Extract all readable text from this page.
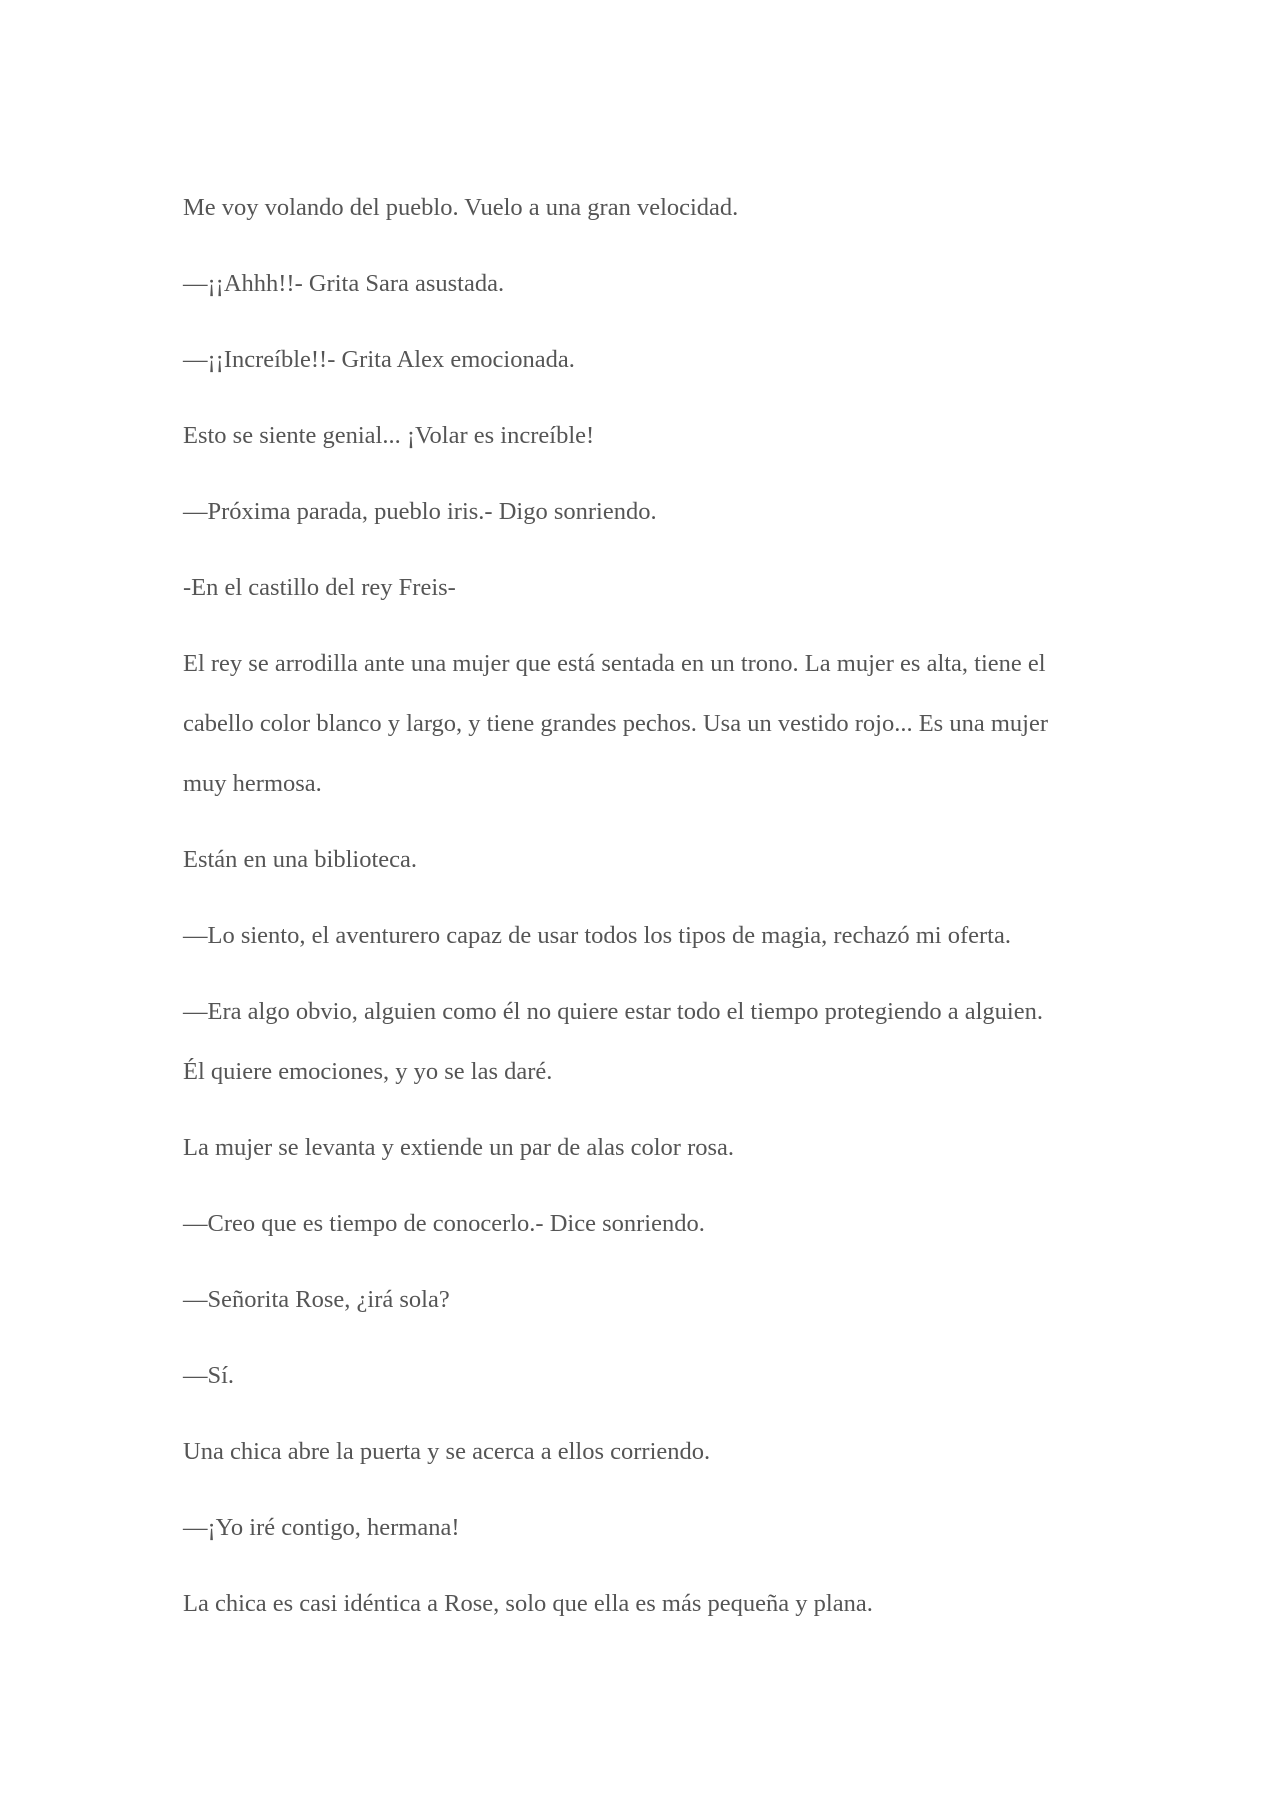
Me voy volando del pueblo. Vuelo a una gran velocidad.

—¡¡Ahhh!!- Grita Sara asustada.

—¡¡Increíble!!- Grita Alex emocionada.

Esto se siente genial... ¡Volar es increíble!

—Próxima parada, pueblo iris.- Digo sonriendo.

-En el castillo del rey Freis-

El rey se arrodilla ante una mujer que está sentada en un trono. La mujer es alta, tiene el
cabello color blanco y largo, y tiene grandes pechos. Usa un vestido rojo... Es una mujer
muy hermosa.

Están en una biblioteca.

—Lo siento, el aventurero capaz de usar todos los tipos de magia, rechazó mi oferta.

—Era algo obvio, alguien como él no quiere estar todo el tiempo protegiendo a alguien.
Él quiere emociones, y yo se las daré.

La mujer se levanta y extiende un par de alas color rosa.

—Creo que es tiempo de conocerlo.- Dice sonriendo.

—Señorita Rose, ¿irá sola?

—Sí.

Una chica abre la puerta y se acerca a ellos corriendo.

—¡Yo iré contigo, hermana!

La chica es casi idéntica a Rose, solo que ella es más pequeña y plana.
